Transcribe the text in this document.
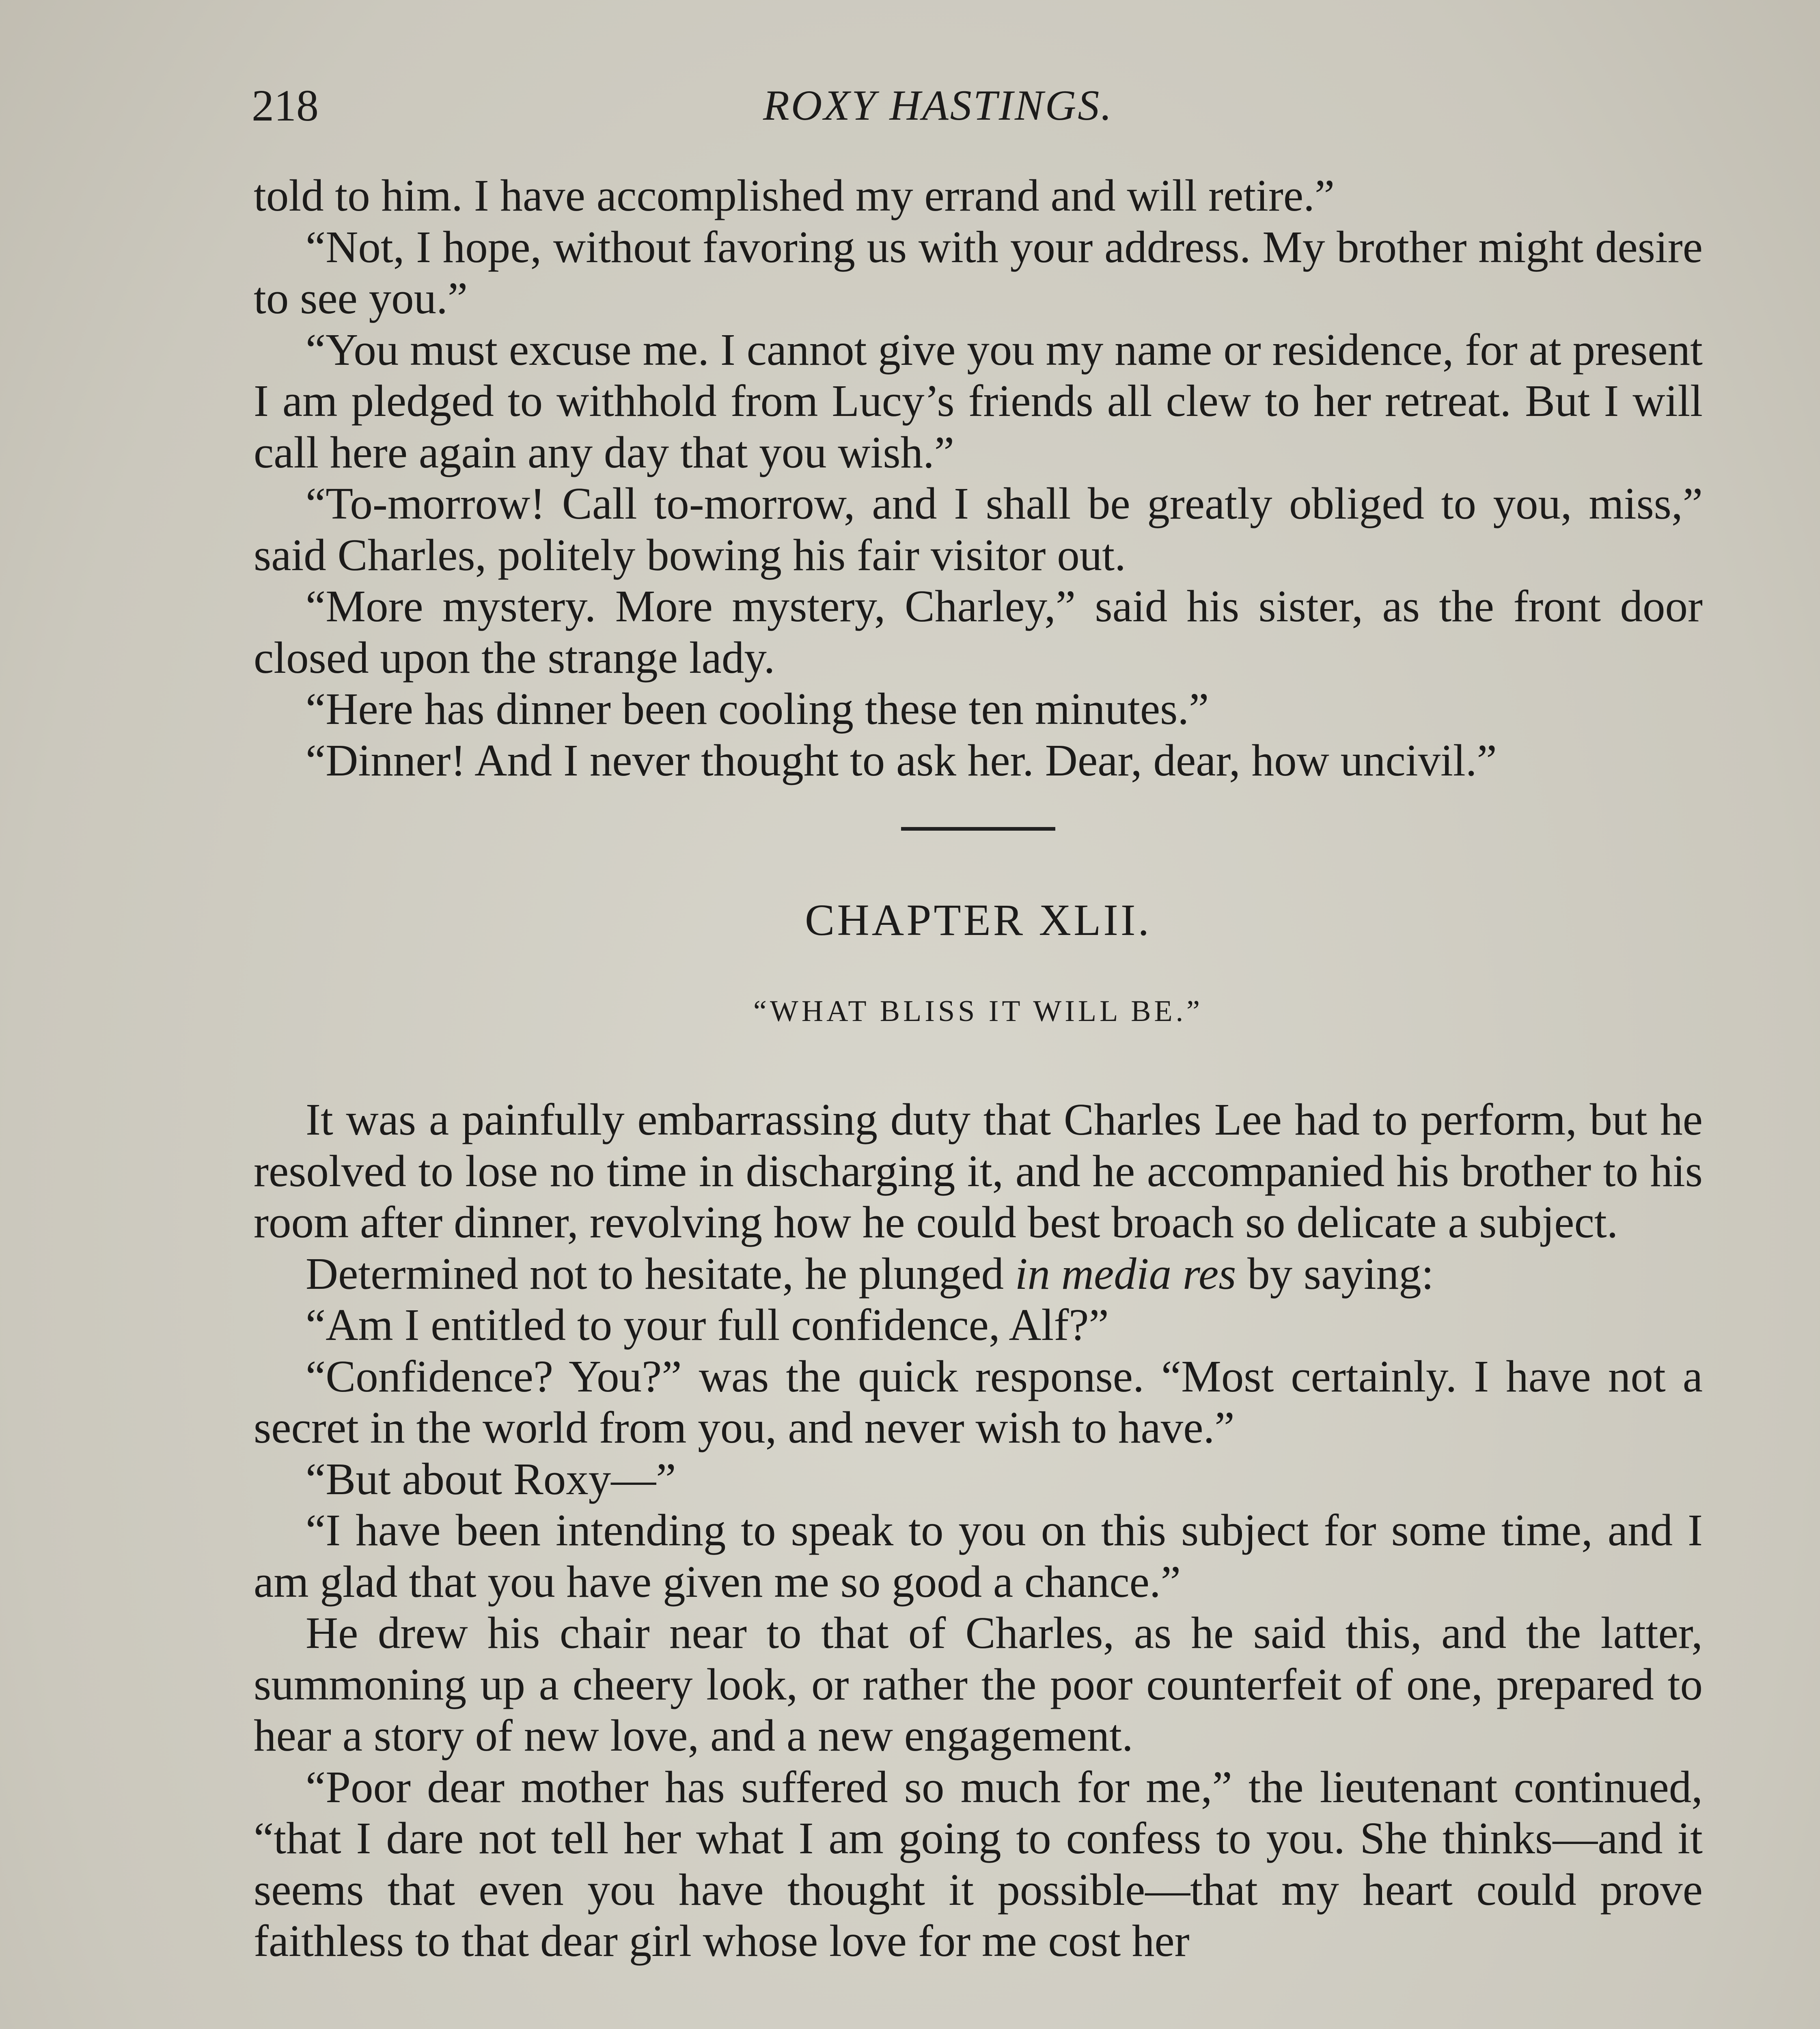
218	ROXY HASTINGS.

told to him. I have accomplished my errand and will retire.”

“Not, I hope, without favoring us with your address. My brother might desire to see you.”

“You must excuse me. I cannot give you my name or residence, for at present I am pledged to withhold from Lucy’s friends all clew to her retreat. But I will call here again any day that you wish.”

“To-morrow! Call to-morrow, and I shall be greatly obliged to you, miss,” said Charles, politely bowing his fair visitor out.

“More mystery. More mystery, Charley,” said his sister, as the front door closed upon the strange lady.

“Here has dinner been cooling these ten minutes.”

“Dinner! And I never thought to ask her. Dear, dear, how uncivil.”

CHAPTER XLII.
“WHAT BLISS IT WILL BE.”

It was a painfully embarrassing duty that Charles Lee had to perform, but he resolved to lose no time in discharging it, and he accompanied his brother to his room after dinner, revolving how he could best broach so delicate a subject.

Determined not to hesitate, he plunged in media res by saying:

“Am I entitled to your full confidence, Alf?”

“Confidence? You?” was the quick response. “Most certainly. I have not a secret in the world from you, and never wish to have.”

“But about Roxy—”

“I have been intending to speak to you on this subject for some time, and I am glad that you have given me so good a chance.”

He drew his chair near to that of Charles, as he said this, and the latter, summoning up a cheery look, or rather the poor counterfeit of one, prepared to hear a story of new love, and a new engagement.

“Poor dear mother has suffered so much for me,” the lieutenant continued, “that I dare not tell her what I am going to confess to you. She thinks—and it seems that even you have thought it possible—that my heart could prove faithless to that dear girl whose love for me cost her
